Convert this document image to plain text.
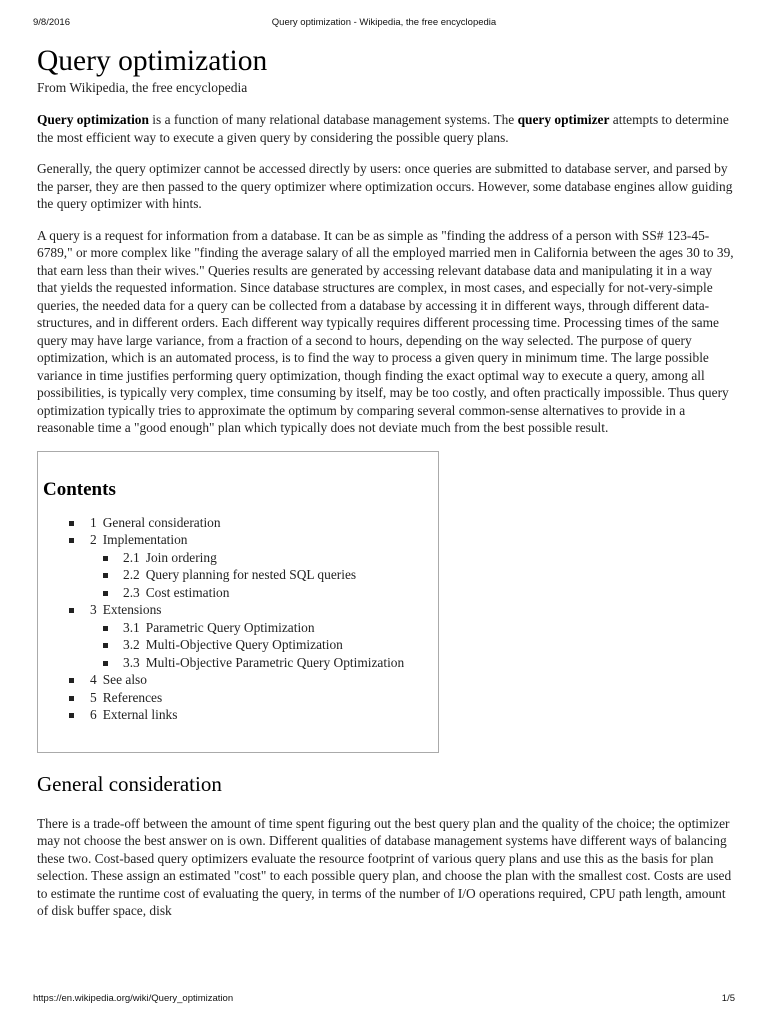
9/8/2016	Query optimization - Wikipedia, the free encyclopedia
Query optimization
From Wikipedia, the free encyclopedia

Query optimization is a function of many relational database management systems. The query optimizer attempts to determine the most efficient way to execute a given query by considering the possible query plans.

Generally, the query optimizer cannot be accessed directly by users: once queries are submitted to database server, and parsed by the parser, they are then passed to the query optimizer where optimization occurs. However, some database engines allow guiding the query optimizer with hints.

A query is a request for information from a database. It can be as simple as "finding the address of a person with SS# 123-45-6789," or more complex like "finding the average salary of all the employed married men in California between the ages 30 to 39, that earn less than their wives." Queries results are generated by accessing relevant database data and manipulating it in a way that yields the requested information. Since database structures are complex, in most cases, and especially for not-very-simple queries, the needed data for a query can be collected from a database by accessing it in different ways, through different data-structures, and in different orders. Each different way typically requires different processing time. Processing times of the same query may have large variance, from a fraction of a second to hours, depending on the way selected. The purpose of query optimization, which is an automated process, is to find the way to process a given query in minimum time. The large possible variance in time justifies performing query optimization, though finding the exact optimal way to execute a query, among all possibilities, is typically very complex, time consuming by itself, may be too costly, and often practically impossible. Thus query optimization typically tries to approximate the optimum by comparing several common-sense alternatives to provide in a reasonable time a "good enough" plan which typically does not deviate much from the best possible result.

Contents
1 General consideration
2 Implementation
2.1 Join ordering
2.2 Query planning for nested SQL queries
2.3 Cost estimation
3 Extensions
3.1 Parametric Query Optimization
3.2 Multi-Objective Query Optimization
3.3 Multi-Objective Parametric Query Optimization
4 See also
5 References
6 External links
General consideration

There is a trade-off between the amount of time spent figuring out the best query plan and the quality of the choice; the optimizer may not choose the best answer on is own. Different qualities of database management systems have different ways of balancing these two. Cost-based query optimizers evaluate the resource footprint of various query plans and use this as the basis for plan selection. These assign an estimated "cost" to each possible query plan, and choose the plan with the smallest cost. Costs are used to estimate the runtime cost of evaluating the query, in terms of the number of I/O operations required, CPU path length, amount of disk buffer space, disk

https://en.wikipedia.org/wiki/Query_optimization	1/5
